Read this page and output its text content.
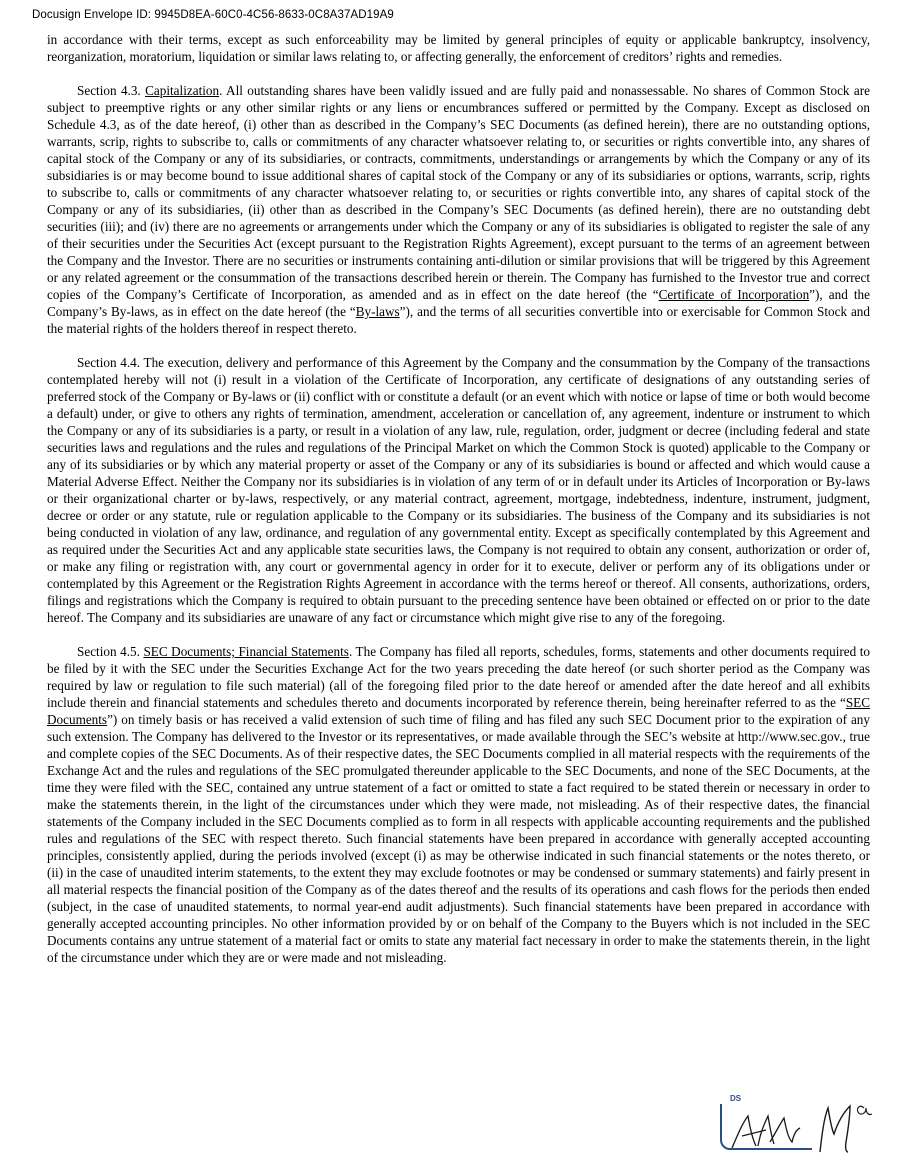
Docusign Envelope ID: 9945D8EA-60C0-4C56-8633-0C8A37AD19A9

in accordance with their terms, except as such enforceability may be limited by general principles of equity or applicable bankruptcy, insolvency, reorganization, moratorium, liquidation or similar laws relating to, or affecting generally, the enforcement of creditors’ rights and remedies.

Section 4.3. Capitalization. All outstanding shares have been validly issued and are fully paid and nonassessable. No shares of Common Stock are subject to preemptive rights or any other similar rights or any liens or encumbrances suffered or permitted by the Company. Except as disclosed on Schedule 4.3, as of the date hereof, (i) other than as described in the Company’s SEC Documents (as defined herein), there are no outstanding options, warrants, scrip, rights to subscribe to, calls or commitments of any character whatsoever relating to, or securities or rights convertible into, any shares of capital stock of the Company or any of its subsidiaries, or contracts, commitments, understandings or arrangements by which the Company or any of its subsidiaries is or may become bound to issue additional shares of capital stock of the Company or any of its subsidiaries or options, warrants, scrip, rights to subscribe to, calls or commitments of any character whatsoever relating to, or securities or rights convertible into, any shares of capital stock of the Company or any of its subsidiaries, (ii) other than as described in the Company’s SEC Documents (as defined herein), there are no outstanding debt securities (iii); and (iv) there are no agreements or arrangements under which the Company or any of its subsidiaries is obligated to register the sale of any of their securities under the Securities Act (except pursuant to the Registration Rights Agreement), except pursuant to the terms of an agreement between the Company and the Investor. There are no securities or instruments containing anti-dilution or similar provisions that will be triggered by this Agreement or any related agreement or the consummation of the transactions described herein or therein. The Company has furnished to the Investor true and correct copies of the Company’s Certificate of Incorporation, as amended and as in effect on the date hereof (the “Certificate of Incorporation”), and the Company’s By-laws, as in effect on the date hereof (the “By-laws”), and the terms of all securities convertible into or exercisable for Common Stock and the material rights of the holders thereof in respect thereto.

Section 4.4. The execution, delivery and performance of this Agreement by the Company and the consummation by the Company of the transactions contemplated hereby will not (i) result in a violation of the Certificate of Incorporation, any certificate of designations of any outstanding series of preferred stock of the Company or By-laws or (ii) conflict with or constitute a default (or an event which with notice or lapse of time or both would become a default) under, or give to others any rights of termination, amendment, acceleration or cancellation of, any agreement, indenture or instrument to which the Company or any of its subsidiaries is a party, or result in a violation of any law, rule, regulation, order, judgment or decree (including federal and state securities laws and regulations and the rules and regulations of the Principal Market on which the Common Stock is quoted) applicable to the Company or any of its subsidiaries or by which any material property or asset of the Company or any of its subsidiaries is bound or affected and which would cause a Material Adverse Effect. Neither the Company nor its subsidiaries is in violation of any term of or in default under its Articles of Incorporation or By-laws or their organizational charter or by-laws, respectively, or any material contract, agreement, mortgage, indebtedness, indenture, instrument, judgment, decree or order or any statute, rule or regulation applicable to the Company or its subsidiaries. The business of the Company and its subsidiaries is not being conducted in violation of any law, ordinance, and regulation of any governmental entity. Except as specifically contemplated by this Agreement and as required under the Securities Act and any applicable state securities laws, the Company is not required to obtain any consent, authorization or order of, or make any filing or registration with, any court or governmental agency in order for it to execute, deliver or perform any of its obligations under or contemplated by this Agreement or the Registration Rights Agreement in accordance with the terms hereof or thereof. All consents, authorizations, orders, filings and registrations which the Company is required to obtain pursuant to the preceding sentence have been obtained or effected on or prior to the date hereof. The Company and its subsidiaries are unaware of any fact or circumstance which might give rise to any of the foregoing.

Section 4.5. SEC Documents; Financial Statements. The Company has filed all reports, schedules, forms, statements and other documents required to be filed by it with the SEC under the Securities Exchange Act for the two years preceding the date hereof (or such shorter period as the Company was required by law or regulation to file such material) (all of the foregoing filed prior to the date hereof or amended after the date hereof and all exhibits include therein and financial statements and schedules thereto and documents incorporated by reference therein, being hereinafter referred to as the “SEC Documents”) on timely basis or has received a valid extension of such time of filing and has filed any such SEC Document prior to the expiration of any such extension. The Company has delivered to the Investor or its representatives, or made available through the SEC’s website at http://www.sec.gov., true and complete copies of the SEC Documents. As of their respective dates, the SEC Documents complied in all material respects with the requirements of the Exchange Act and the rules and regulations of the SEC promulgated thereunder applicable to the SEC Documents, and none of the SEC Documents, at the time they were filed with the SEC, contained any untrue statement of a fact or omitted to state a fact required to be stated therein or necessary in order to make the statements therein, in the light of the circumstances under which they were made, not misleading. As of their respective dates, the financial statements of the Company included in the SEC Documents complied as to form in all respects with applicable accounting requirements and the published rules and regulations of the SEC with respect thereto. Such financial statements have been prepared in accordance with generally accepted accounting principles, consistently applied, during the periods involved (except (i) as may be otherwise indicated in such financial statements or the notes thereto, or (ii) in the case of unaudited interim statements, to the extent they may exclude footnotes or may be condensed or summary statements) and fairly present in all material respects the financial position of the Company as of the dates thereof and the results of its operations and cash flows for the periods then ended (subject, in the case of unaudited statements, to normal year-end audit adjustments). Such financial statements have been prepared in accordance with generally accepted accounting principles. No other information provided by or on behalf of the Company to the Buyers which is not included in the SEC Documents contains any untrue statement of a material fact or omits to state any material fact necessary in order to make the statements therein, in the light of the circumstance under which they are or were made and not misleading.

DS
